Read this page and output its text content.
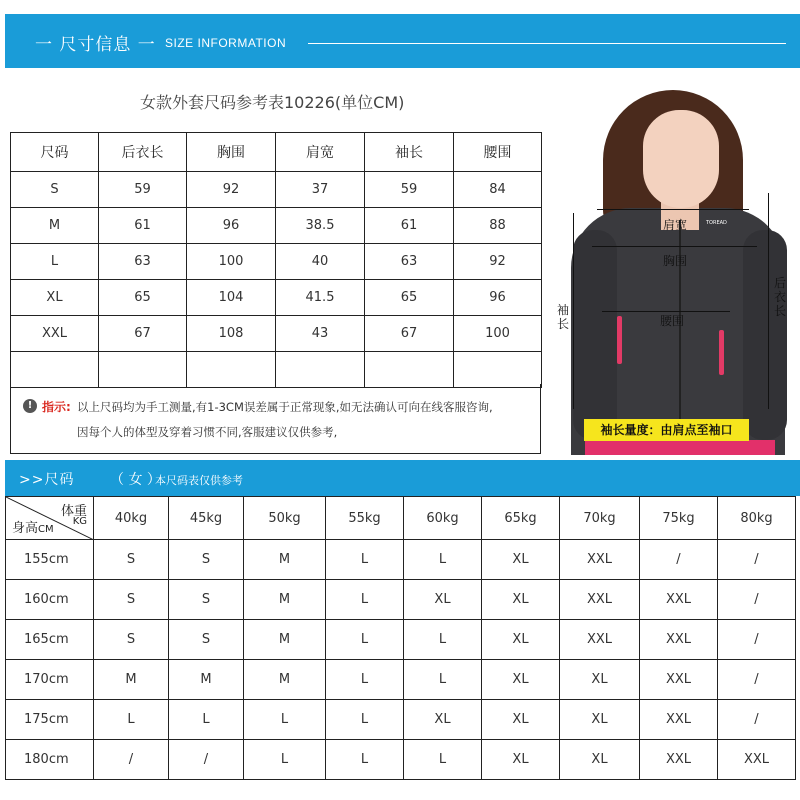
一 尺寸信息 一 SIZE INFORMATION
女款外套尺码参考表10226(单位CM)
尺码	后衣长	胸围	肩宽	袖长	腰围
S	59	92	37	59	84
M	61	96	38.5	61	88
L	63	100	40	63	92
XL	65	104	41.5	65	96
XXL	67	108	43	67	100

! 指示: 以上尺码均为手工测量,有1-3CM误差属于正常现象,如无法确认可向在线客服咨询,
因每个人的体型及穿着习惯不同,客服建议仅供参考,
TOREAD
肩宽
胸围
腰围
袖长
后衣长
袖长量度：由肩点至袖口
>>尺码	（ 女 ）
本尺码表仅供参考
体重
KG
身高CM	40kg	45kg	50kg	55kg	60kg	65kg	70kg	75kg	80kg
155cm	S	S	M	L	L	XL	XXL	/	/
160cm	S	S	M	L	XL	XL	XXL	XXL	/
165cm	S	S	M	L	L	XL	XXL	XXL	/
170cm	M	M	M	L	L	XL	XL	XXL	/
175cm	L	L	L	L	XL	XL	XL	XXL	/
180cm	/	/	L	L	L	XL	XL	XXL	XXL
